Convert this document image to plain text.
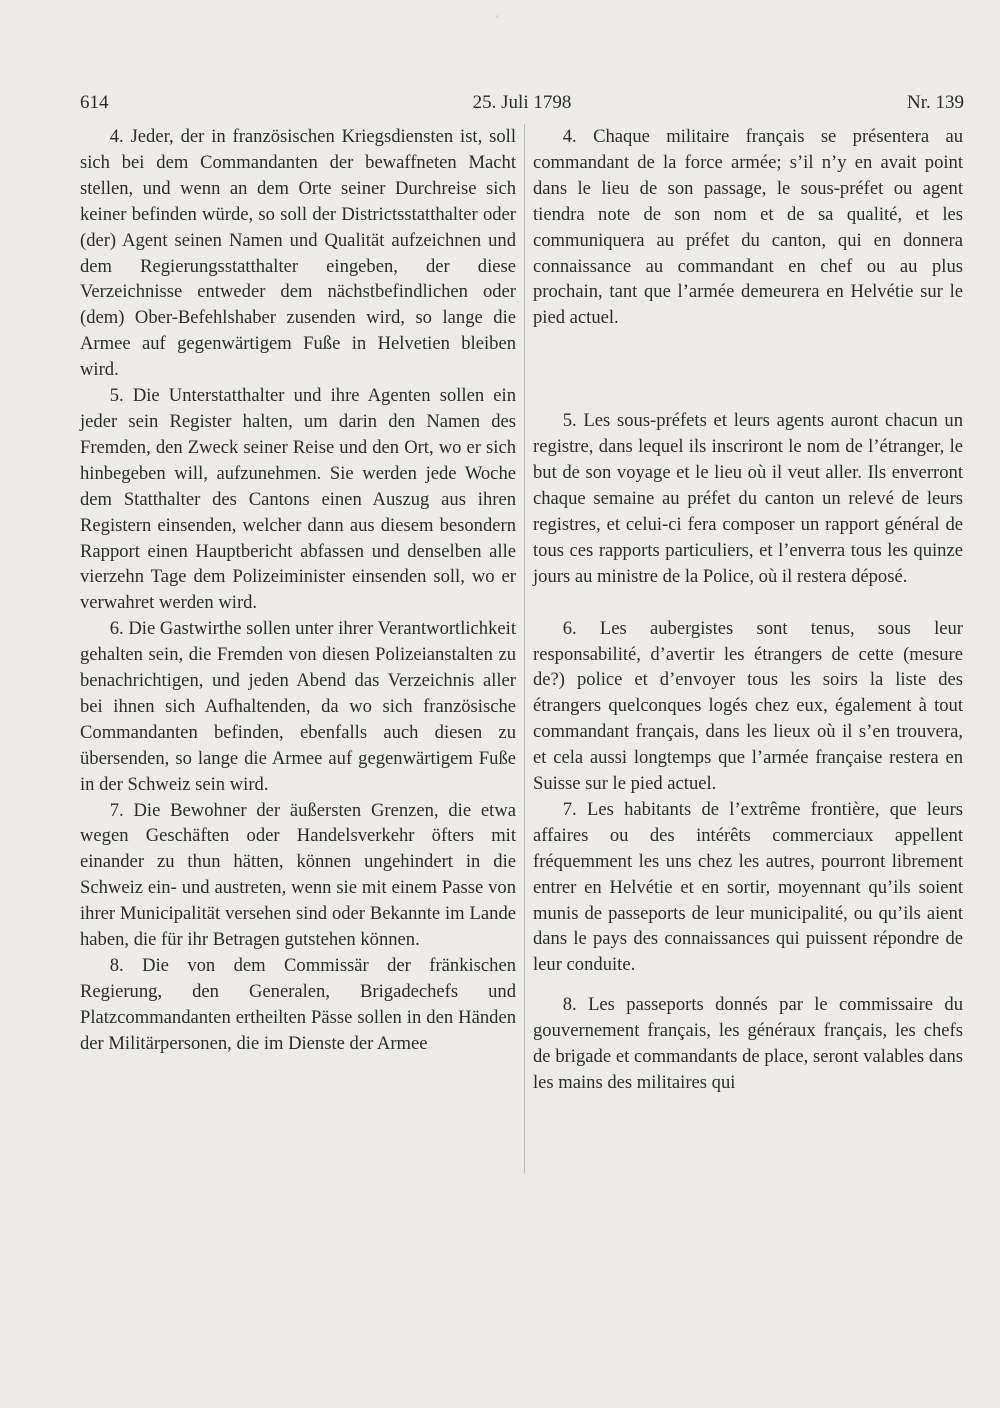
'
614	25. Juli 1798	Nr. 139

4. Jeder, der in französischen Kriegsdiensten ist, soll sich bei dem Commandanten der bewaffneten Macht stellen, und wenn an dem Orte seiner Durchreise sich keiner befinden würde, so soll der Districtsstatthalter oder (der) Agent seinen Namen und Qualität aufzeichnen und dem Regierungsstatthalter eingeben, der diese Verzeichnisse entweder dem nächstbefindlichen oder (dem) Ober-Befehlshaber zusenden wird, so lange die Armee auf gegenwärtigem Fuße in Helvetien bleiben wird.

5. Die Unterstatthalter und ihre Agenten sollen ein jeder sein Register halten, um darin den Namen des Fremden, den Zweck seiner Reise und den Ort, wo er sich hinbegeben will, aufzunehmen. Sie werden jede Woche dem Statthalter des Cantons einen Auszug aus ihren Registern einsenden, welcher dann aus diesem besondern Rapport einen Hauptbericht abfassen und denselben alle vierzehn Tage dem Polizeiminister einsenden soll, wo er verwahret werden wird.

6. Die Gastwirthe sollen unter ihrer Verantwortlichkeit gehalten sein, die Fremden von diesen Polizeianstalten zu benachrichtigen, und jeden Abend das Verzeichnis aller bei ihnen sich Aufhaltenden, da wo sich französische Commandanten befinden, ebenfalls auch diesen zu übersenden, so lange die Armee auf gegenwärtigem Fuße in der Schweiz sein wird.

7. Die Bewohner der äußersten Grenzen, die etwa wegen Geschäften oder Handelsverkehr öfters mit einander zu thun hätten, können ungehindert in die Schweiz ein- und austreten, wenn sie mit einem Passe von ihrer Municipalität versehen sind oder Bekannte im Lande haben, die für ihr Betragen gutstehen können.

8. Die von dem Commissär der fränkischen Regierung, den Generalen, Brigadechefs und Platzcommandanten ertheilten Pässe sollen in den Händen der Militärpersonen, die im Dienste der Armee

4. Chaque militaire français se présentera au commandant de la force armée; s’il n’y en avait point dans le lieu de son passage, le sous-préfet ou agent tiendra note de son nom et de sa qualité, et les communiquera au préfet du canton, qui en donnera connaissance au commandant en chef ou au plus prochain, tant que l’armée demeurera en Helvétie sur le pied actuel.

5. Les sous-préfets et leurs agents auront chacun un registre, dans lequel ils inscriront le nom de l’étranger, le but de son voyage et le lieu où il veut aller. Ils enverront chaque semaine au préfet du canton un relevé de leurs registres, et celui-ci fera composer un rapport général de tous ces rapports particuliers, et l’enverra tous les quinze jours au ministre de la Police, où il restera déposé.

6. Les aubergistes sont tenus, sous leur responsabilité, d’avertir les étrangers de cette (mesure de?) police et d’envoyer tous les soirs la liste des étrangers quelconques logés chez eux, également à tout commandant français, dans les lieux où il s’en trouvera, et cela aussi longtemps que l’armée française restera en Suisse sur le pied actuel.

7. Les habitants de l’extrême frontière, que leurs affaires ou des intérêts commerciaux appellent fréquemment les uns chez les autres, pourront librement entrer en Helvétie et en sortir, moyennant qu’ils soient munis de passeports de leur municipalité, ou qu’ils aient dans le pays des connaissances qui puissent répondre de leur conduite.

8. Les passeports donnés par le commissaire du gouvernement français, les généraux français, les chefs de brigade et commandants de place, seront valables dans les mains des militaires qui
